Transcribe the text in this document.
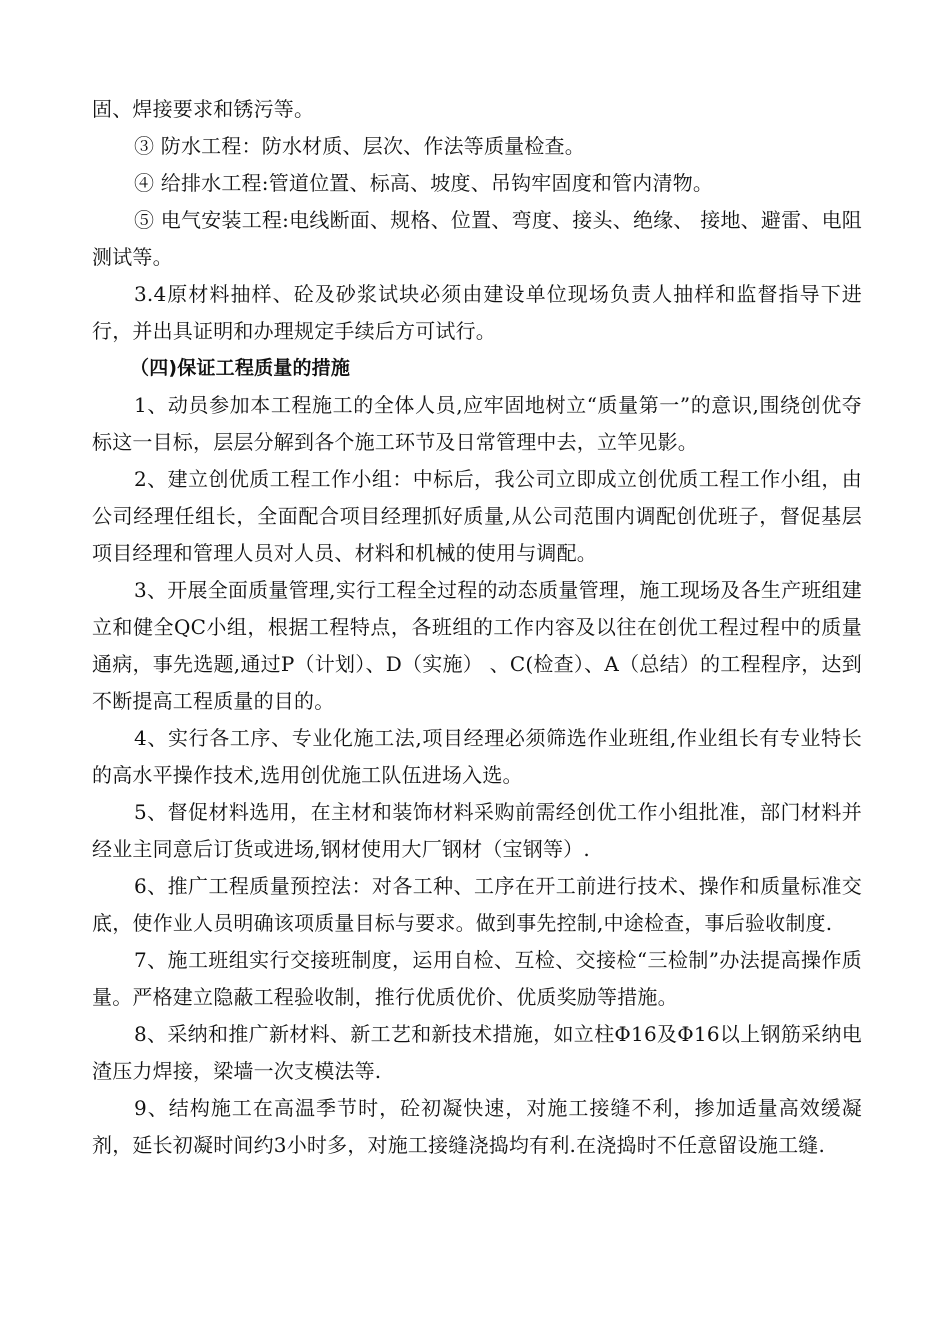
固、焊接要求和锈污等。

③ 防水工程：防水材质、层次、作法等质量检查。

④ 给排水工程:管道位置、标高、坡度、吊钩牢固度和管内清物。

⑤ 电气安装工程:电线断面、规格、位置、弯度、接头、绝缘、 接地、避雷、电阻测试等。

3.4原材料抽样、砼及砂浆试块必须由建设单位现场负责人抽样和监督指导下进行，并出具证明和办理规定手续后方可试行。

（四)保证工程质量的措施

1、动员参加本工程施工的全体人员,应牢固地树立“质量第一”的意识,围绕创优夺标这一目标，层层分解到各个施工环节及日常管理中去，立竿见影。

2、建立创优质工程工作小组：中标后，我公司立即成立创优质工程工作小组，由公司经理任组长，全面配合项目经理抓好质量,从公司范围内调配创优班子，督促基层项目经理和管理人员对人员、材料和机械的使用与调配。

3、开展全面质量管理,实行工程全过程的动态质量管理，施工现场及各生产班组建立和健全QC小组，根据工程特点，各班组的工作内容及以往在创优工程过程中的质量通病，事先选题,通过P（计划）、D（实施） 、C(检查）、A（总结）的工程程序，达到不断提高工程质量的目的。

4、实行各工序、专业化施工法,项目经理必须筛选作业班组,作业组长有专业特长的高水平操作技术,选用创优施工队伍进场入选。

5、督促材料选用，在主材和装饰材料采购前需经创优工作小组批准，部门材料并经业主同意后订货或进场,钢材使用大厂钢材（宝钢等）.

6、推广工程质量预控法：对各工种、工序在开工前进行技术、操作和质量标准交底，使作业人员明确该项质量目标与要求。做到事先控制,中途检查，事后验收制度.

7、施工班组实行交接班制度，运用自检、互检、交接检“三检制”办法提高操作质量。严格建立隐蔽工程验收制，推行优质优价、优质奖励等措施。

8、采纳和推广新材料、新工艺和新技术措施，如立柱Φ16及Φ16以上钢筋采纳电渣压力焊接，梁墙一次支模法等.

9、结构施工在高温季节时，砼初凝快速，对施工接缝不利，掺加适量高效缓凝剂，延长初凝时间约3小时多，对施工接缝浇捣均有利.在浇捣时不任意留设施工缝.
